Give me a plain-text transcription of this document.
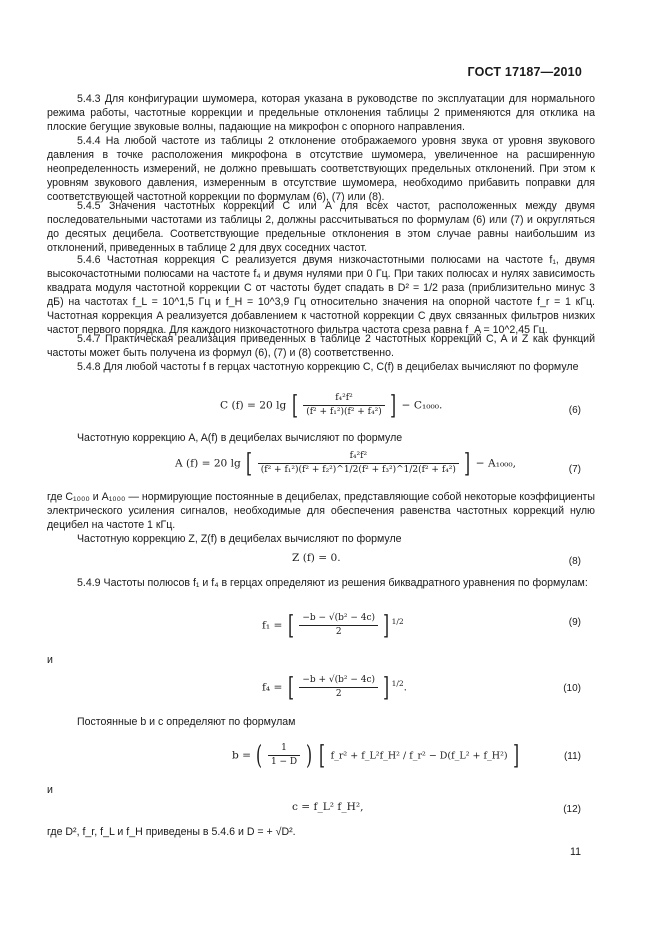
ГОСТ 17187—2010

5.4.3 Для конфигурации шумомера, которая указана в руководстве по эксплуатации для нормального режима работы, частотные коррекции и предельные отклонения таблицы 2 применяются для отклика на плоские бегущие звуковые волны, падающие на микрофон с опорного направления.

5.4.4 На любой частоте из таблицы 2 отклонение отображаемого уровня звука от уровня звукового давления в точке расположения микрофона в отсутствие шумомера, увеличенное на расширенную неопределенность измерений, не должно превышать соответствующих предельных отклонений. При этом к уровням звукового давления, измеренным в отсутствие шумомера, необходимо прибавить поправки для соответствующей частотной коррекции по формулам (6), (7) или (8).

5.4.5 Значения частотных коррекций C или A для всех частот, расположенных между двумя последовательными частотами из таблицы 2, должны рассчитываться по формулам (6) или (7) и округляться до десятых децибела. Соответствующие предельные отклонения в этом случае равны наибольшим из отклонений, приведенных в таблице 2 для двух соседних частот.

5.4.6 Частотная коррекция C реализуется двумя низкочастотными полюсами на частоте f₁, двумя высокочастотными полюсами на частоте f₄ и двумя нулями при 0 Гц. При таких полюсах и нулях зависимость квадрата модуля частотной коррекции C от частоты будет спадать в D² = 1/2 раза (приблизительно минус 3 дБ) на частотах f_L = 10^1,5 Гц и f_H = 10^3,9 Гц относительно значения на опорной частоте f_r = 1 кГц. Частотная коррекция A реализуется добавлением к частотной коррекции C двух связанных фильтров низких частот первого порядка. Для каждого низкочастотного фильтра частота среза равна f_A = 10^2,45 Гц.

5.4.7 Практическая реализация приведенных в таблице 2 частотных коррекций C, A и Z как функций частоты может быть получена из формул (6), (7) и (8) соответственно.

5.4.8 Для любой частоты f в герцах частотную коррекцию C, C(f) в децибелах вычисляют по формуле

C (f) = 20 lg [ $\frac{\text{f₄²f²}}{\text{(f² + f₁²)(f² + f₄²)}}$ ] − C₁₀₀₀.	(6)

Частотную коррекцию A, A(f) в децибелах вычисляют по формуле

A (f) = 20 lg [ $\frac{\text{f₄²f²}}{\text{(f² + f₁²)(f² + f₂²)\textasciicircum{}1/2(f² + f₃²)\textasciicircum{}1/2(f² + f₄²)}}$ ] − A₁₀₀₀,	(7)

где C₁₀₀₀ и A₁₀₀₀ — нормирующие постоянные в децибелах, представляющие собой некоторые коэффициенты электрического усиления сигналов, необходимые для обеспечения равенства частотных коррекций нулю децибел на частоте 1 кГц.

Частотную коррекцию Z, Z(f) в децибелах вычисляют по формуле

Z (f) = 0.	(8)

5.4.9 Частоты полюсов f₁ и f₄ в герцах определяют из решения биквадратного уравнения по формулам:

f₁ = [ $\frac{\text{−b − √(b² − 4c)}}{2}$ ] $^{1/2}$	(9)
и
f₄ = [ $\frac{\text{−b + √(b² − 4c)}}{2}$ ] $^{1/2}$.	(10)

Постоянные b и c определяют по формулам

b = ( $\frac{1}{1 - D}$ ) [ f_r² + f_L²f_H² / f_r² − D(f_L² + f_H²) ]	(11)
и
c = f_L² f_H²,	(12)

где D², f_r, f_L и f_H приведены в 5.4.6 и D = + √D².

11
